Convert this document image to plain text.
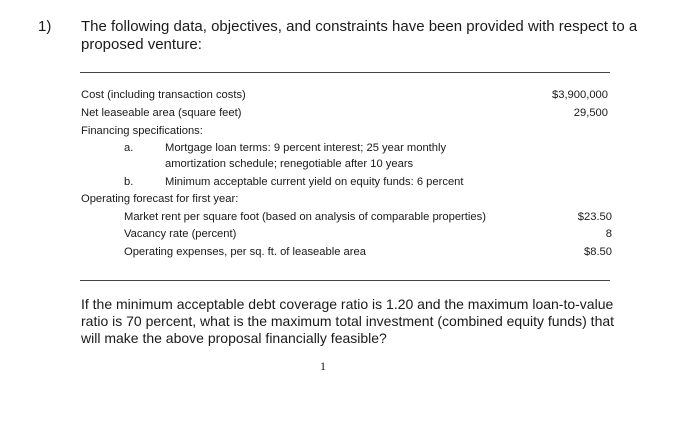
1) The following data, objectives, and constraints have been provided with respect to a proposed venture:
Cost (including transaction costs)	$3,900,000
Net leaseable area (square feet)	29,500
Financing specifications:
a.	Mortgage loan terms: 9 percent interest; 25 year monthly
amortization schedule; renegotiable after 10 years
b.	Minimum acceptable current yield on equity funds: 6 percent
Operating forecast for first year:
Market rent per square foot (based on analysis of comparable properties)	$23.50
Vacancy rate (percent)	8
Operating expenses, per sq. ft. of leaseable area	$8.50
If the minimum acceptable debt coverage ratio is 1.20 and the maximum loan-to-value ratio is 70 percent, what is the maximum total investment (combined equity funds) that will make the above proposal financially feasible?
1
